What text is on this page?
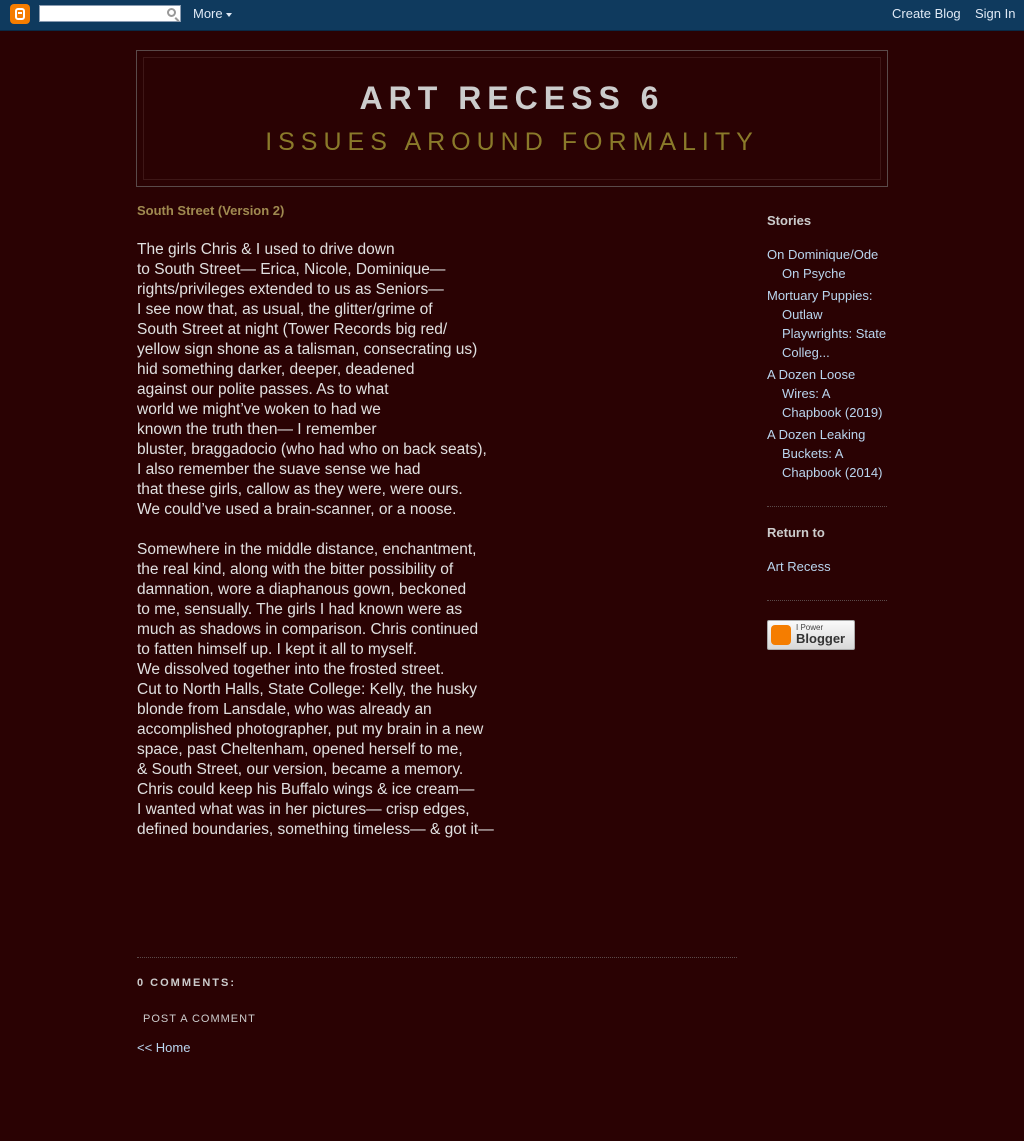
More	Create Blog Sign In
ART RECESS 6
ISSUES AROUND FORMALITY
South Street (Version 2)

The girls Chris & I used to drive down
to South Street— Erica, Nicole, Dominique—
rights/privileges extended to us as Seniors—
I see now that, as usual, the glitter/grime of
South Street at night (Tower Records big red/
yellow sign shone as a talisman, consecrating us)
hid something darker, deeper, deadened
against our polite passes. As to what
world we might’ve woken to had we
known the truth then— I remember
bluster, braggadocio (who had who on back seats),
I also remember the suave sense we had
that these girls, callow as they were, were ours.
We could’ve used a brain-scanner, or a noose.

Somewhere in the middle distance, enchantment,
the real kind, along with the bitter possibility of
damnation, wore a diaphanous gown, beckoned
to me, sensually. The girls I had known were as
much as shadows in comparison. Chris continued
to fatten himself up. I kept it all to myself.
We dissolved together into the frosted street.
Cut to North Halls, State College: Kelly, the husky
blonde from Lansdale, who was already an
accomplished photographer, put my brain in a new
space, past Cheltenham, opened herself to me,
& South Street, our version, became a memory.
Chris could keep his Buffalo wings & ice cream—
I wanted what was in her pictures— crisp edges,
defined boundaries, something timeless— & got it—

0 COMMENTS:
POST A COMMENT
<< Home
Stories
On Dominique/Ode On Psyche
Mortuary Puppies: Outlaw Playwrights: State Colleg...
A Dozen Loose Wires: A Chapbook (2019)
A Dozen Leaking Buckets: A Chapbook (2014)
Return to
Art Recess
I Power
Blogger
